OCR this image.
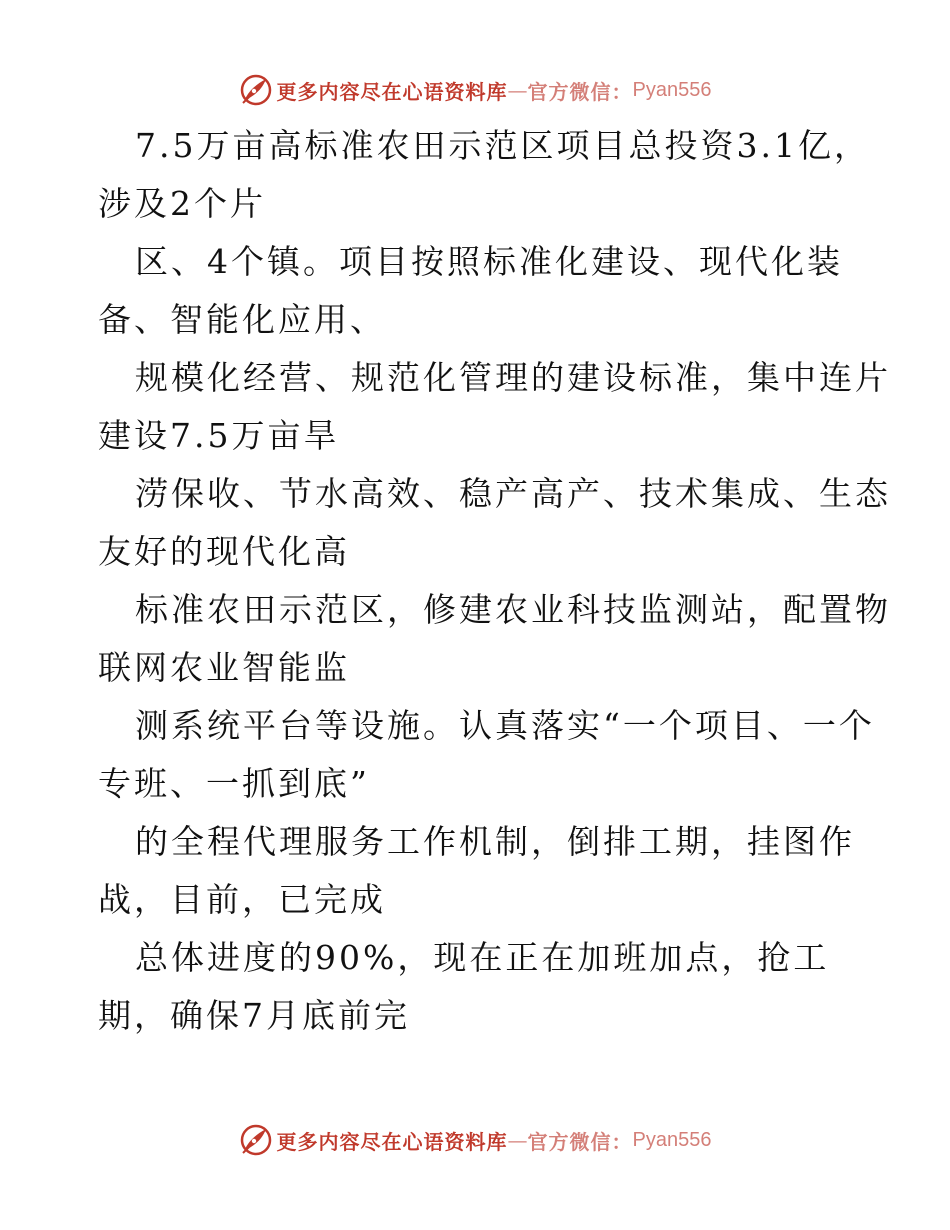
更多内容尽在心语资料库 — 官方微信： Pyan556
7.5万亩高标准农田示范区项目总投资3.1亿，
涉及2个片
区、4个镇。项目按照标准化建设、现代化装
备、智能化应用、
规模化经营、规范化管理的建设标准，集中连片
建设7.5万亩旱
涝保收、节水高效、稳产高产、技术集成、生态
友好的现代化高
标准农田示范区，修建农业科技监测站，配置物
联网农业智能监
测系统平台等设施。认真落实“一个项目、一个
专班、一抓到底”
的全程代理服务工作机制，倒排工期，挂图作
战，目前，已完成
总体进度的90%，现在正在加班加点，抢工
期，确保7月底前完
更多内容尽在心语资料库 — 官方微信： Pyan556
